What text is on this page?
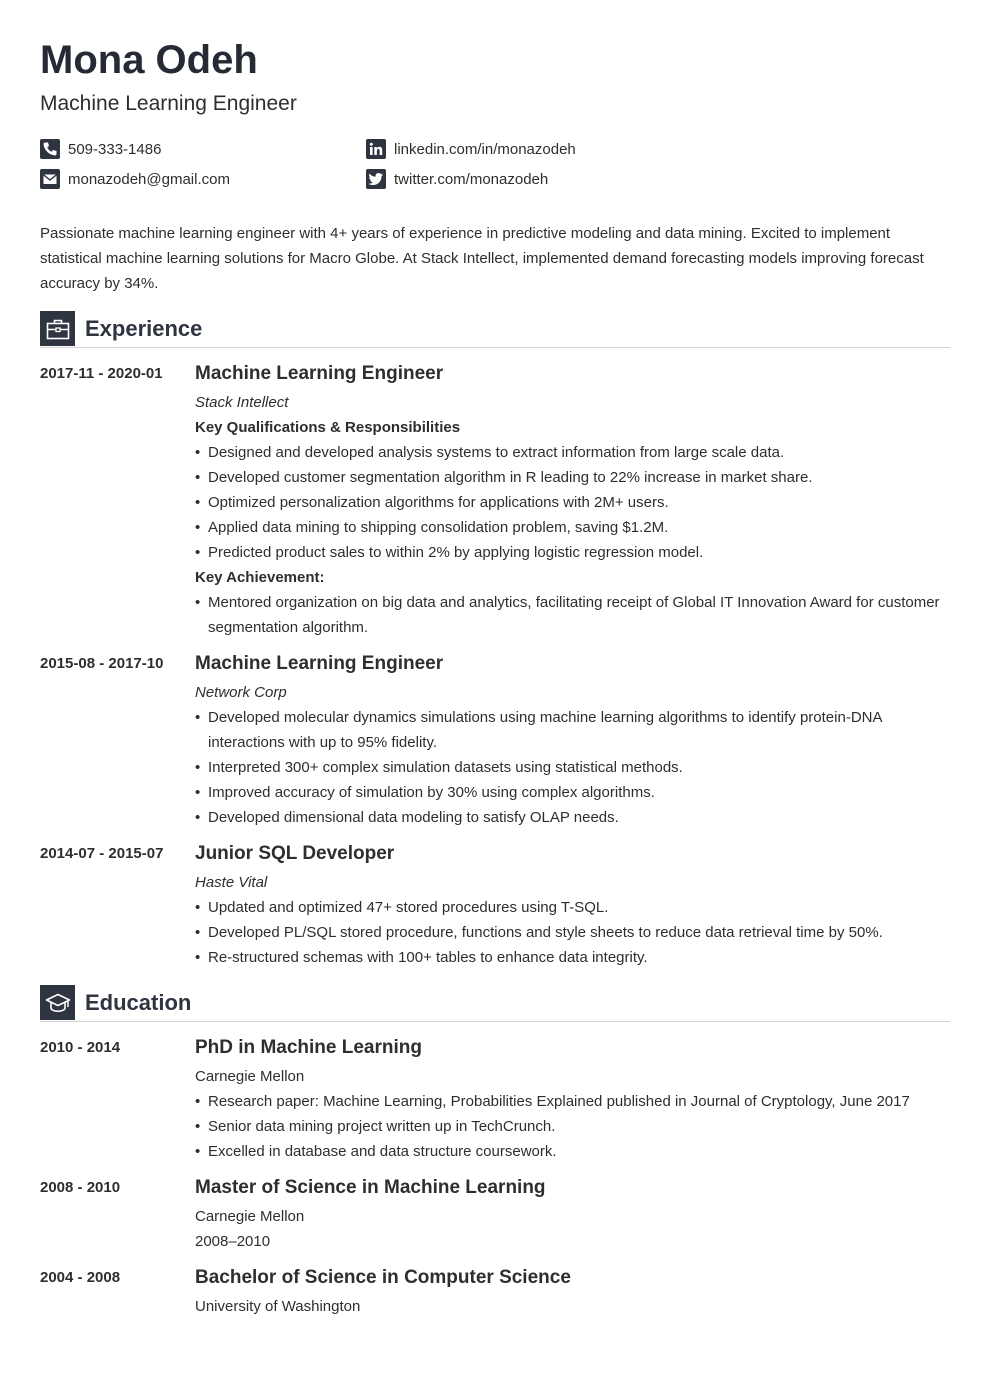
Mona Odeh
Machine Learning Engineer
509-333-1486
monazodeh@gmail.com
linkedin.com/in/monazodeh
twitter.com/monazodeh

Passionate machine learning engineer with 4+ years of experience in predictive modeling and data mining. Excited to implement statistical machine learning solutions for Macro Globe. At Stack Intellect, implemented demand forecasting models improving forecast accuracy by 34%.

Experience
2017-11 - 2020-01	Machine Learning Engineer

Stack Intellect

Key Qualifications & Responsibilities

• Designed and developed analysis systems to extract information from large scale data.
• Developed customer segmentation algorithm in R leading to 22% increase in market share.
• Optimized personalization algorithms for applications with 2M+ users.
• Applied data mining to shipping consolidation problem, saving $1.2M.
• Predicted product sales to within 2% by applying logistic regression model.

Key Achievement:

• Mentored organization on big data and analytics, facilitating receipt of Global IT Innovation Award for customer segmentation algorithm.
2015-08 - 2017-10	Machine Learning Engineer

Network Corp

• Developed molecular dynamics simulations using machine learning algorithms to identify protein-DNA interactions with up to 95% fidelity.
• Interpreted 300+ complex simulation datasets using statistical methods.
• Improved accuracy of simulation by 30% using complex algorithms.
• Developed dimensional data modeling to satisfy OLAP needs.
2014-07 - 2015-07	Junior SQL Developer

Haste Vital

• Updated and optimized 47+ stored procedures using T-SQL.
• Developed PL/SQL stored procedure, functions and style sheets to reduce data retrieval time by 50%.
• Re-structured schemas with 100+ tables to enhance data integrity.
Education
2010 - 2014	PhD in Machine Learning

Carnegie Mellon

• Research paper: Machine Learning, Probabilities Explained published in Journal of Cryptology, June 2017
• Senior data mining project written up in TechCrunch.
• Excelled in database and data structure coursework.
2008 - 2010	Master of Science in Machine Learning

Carnegie Mellon

2008–2010

2004 - 2008	Bachelor of Science in Computer Science

University of Washington
